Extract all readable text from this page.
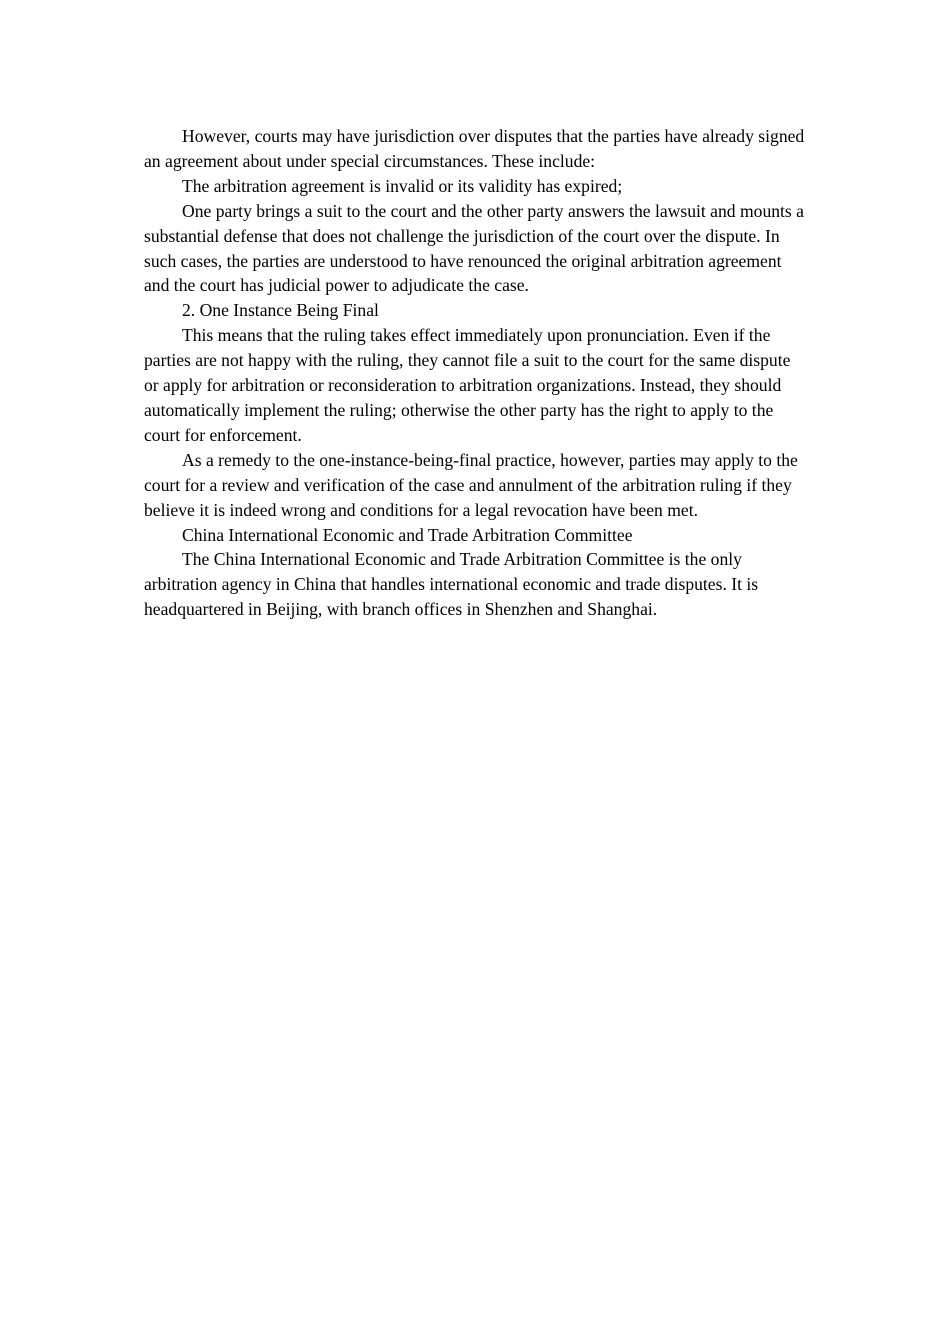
However, courts may have jurisdiction over disputes that the parties have already signed an agreement about under special circumstances. These include:

The arbitration agreement is invalid or its validity has expired;

One party brings a suit to the court and the other party answers the lawsuit and mounts a substantial defense that does not challenge the jurisdiction of the court over the dispute. In such cases, the parties are understood to have renounced the original arbitration agreement and the court has judicial power to adjudicate the case.

2. One Instance Being Final

This means that the ruling takes effect immediately upon pronunciation. Even if the parties are not happy with the ruling, they cannot file a suit to the court for the same dispute or apply for arbitration or reconsideration to arbitration organizations. Instead, they should automatically implement the ruling; otherwise the other party has the right to apply to the court for enforcement.

As a remedy to the one-instance-being-final practice, however, parties may apply to the court for a review and verification of the case and annulment of the arbitration ruling if they believe it is indeed wrong and conditions for a legal revocation have been met.

China International Economic and Trade Arbitration Committee

The China International Economic and Trade Arbitration Committee is the only arbitration agency in China that handles international economic and trade disputes. It is headquartered in Beijing, with branch offices in Shenzhen and Shanghai.
